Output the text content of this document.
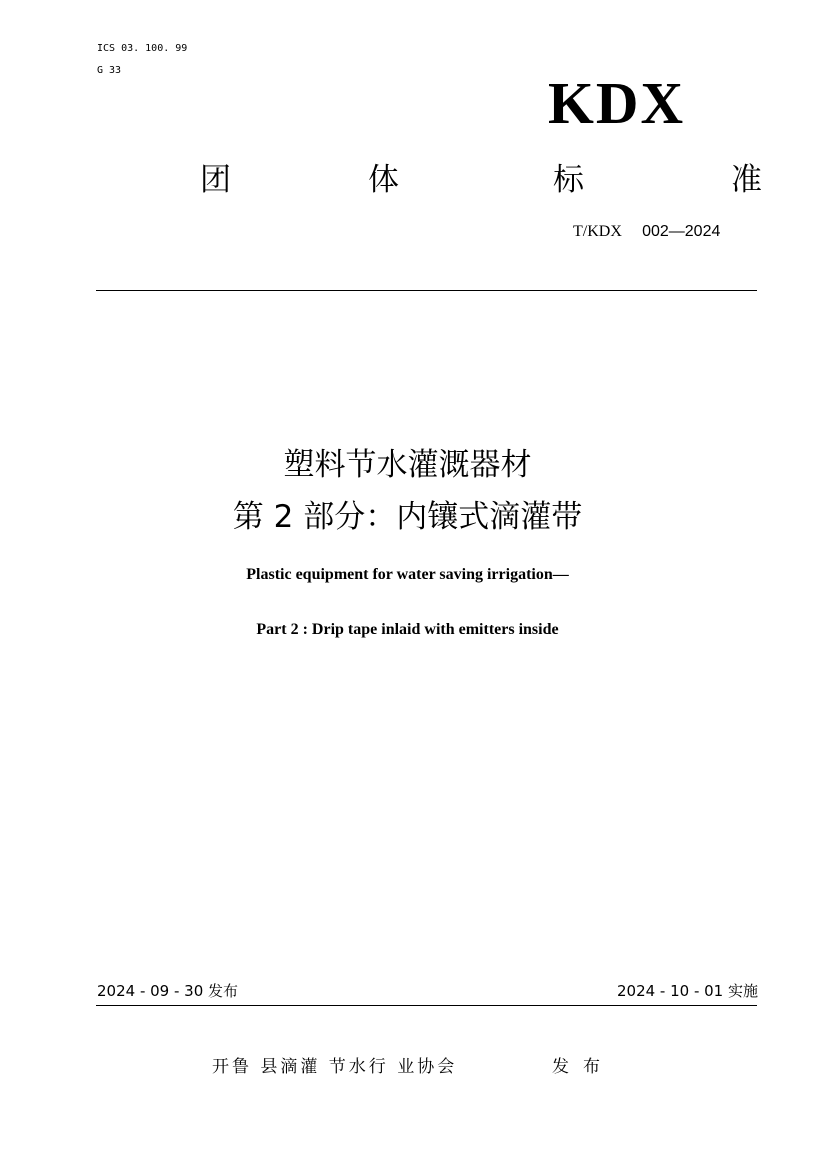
ICS 03. 100. 99
G 33	KDX
团	体	标	准
T/KDX 002—2024
塑料节水灌溉器材
第 2 部分：内镶式滴灌带
Plastic equipment for water saving irrigation—
Part 2 : Drip tape inlaid with emitters inside
2024 - 09 - 30 发布	2024 - 10 - 01 实施
开鲁 县滴灌 节水行 业协会	发布
